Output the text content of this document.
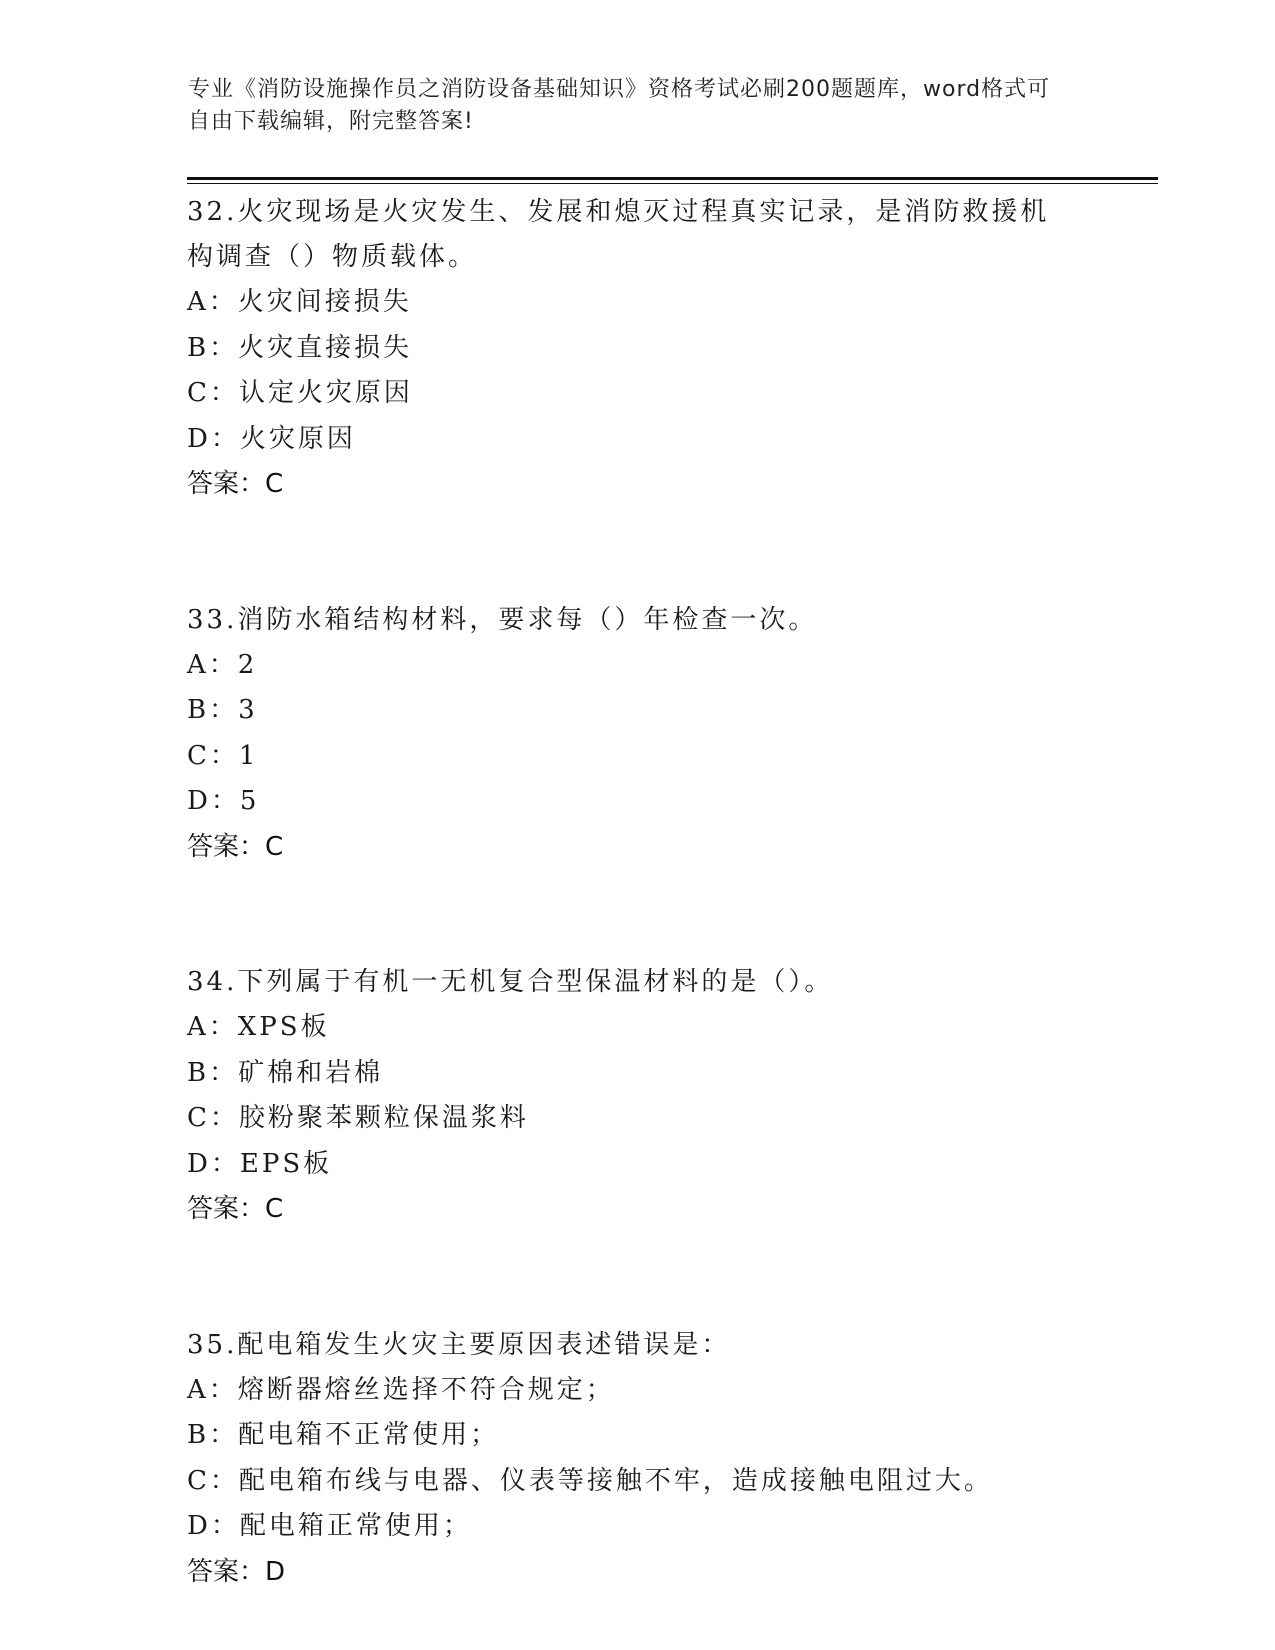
专业《消防设施操作员之消防设备基础知识》资格考试必刷200题题库，word格式可自由下载编辑，附完整答案!
32.火灾现场是火灾发生、发展和熄灭过程真实记录，是消防救援机构调查（）物质载体。
A：火灾间接损失
B：火灾直接损失
C：认定火灾原因
D：火灾原因
答案：C
33.消防水箱结构材料，要求每（）年检查一次。
A：2
B：3
C：1
D：5
答案：C
34.下列属于有机一无机复合型保温材料的是（）。
A：XPS板
B：矿棉和岩棉
C：胶粉聚苯颗粒保温浆料
D：EPS板
答案：C
35.配电箱发生火灾主要原因表述错误是：
A：熔断器熔丝选择不符合规定；
B：配电箱不正常使用；
C：配电箱布线与电器、仪表等接触不牢，造成接触电阻过大。
D：配电箱正常使用；
答案：D
